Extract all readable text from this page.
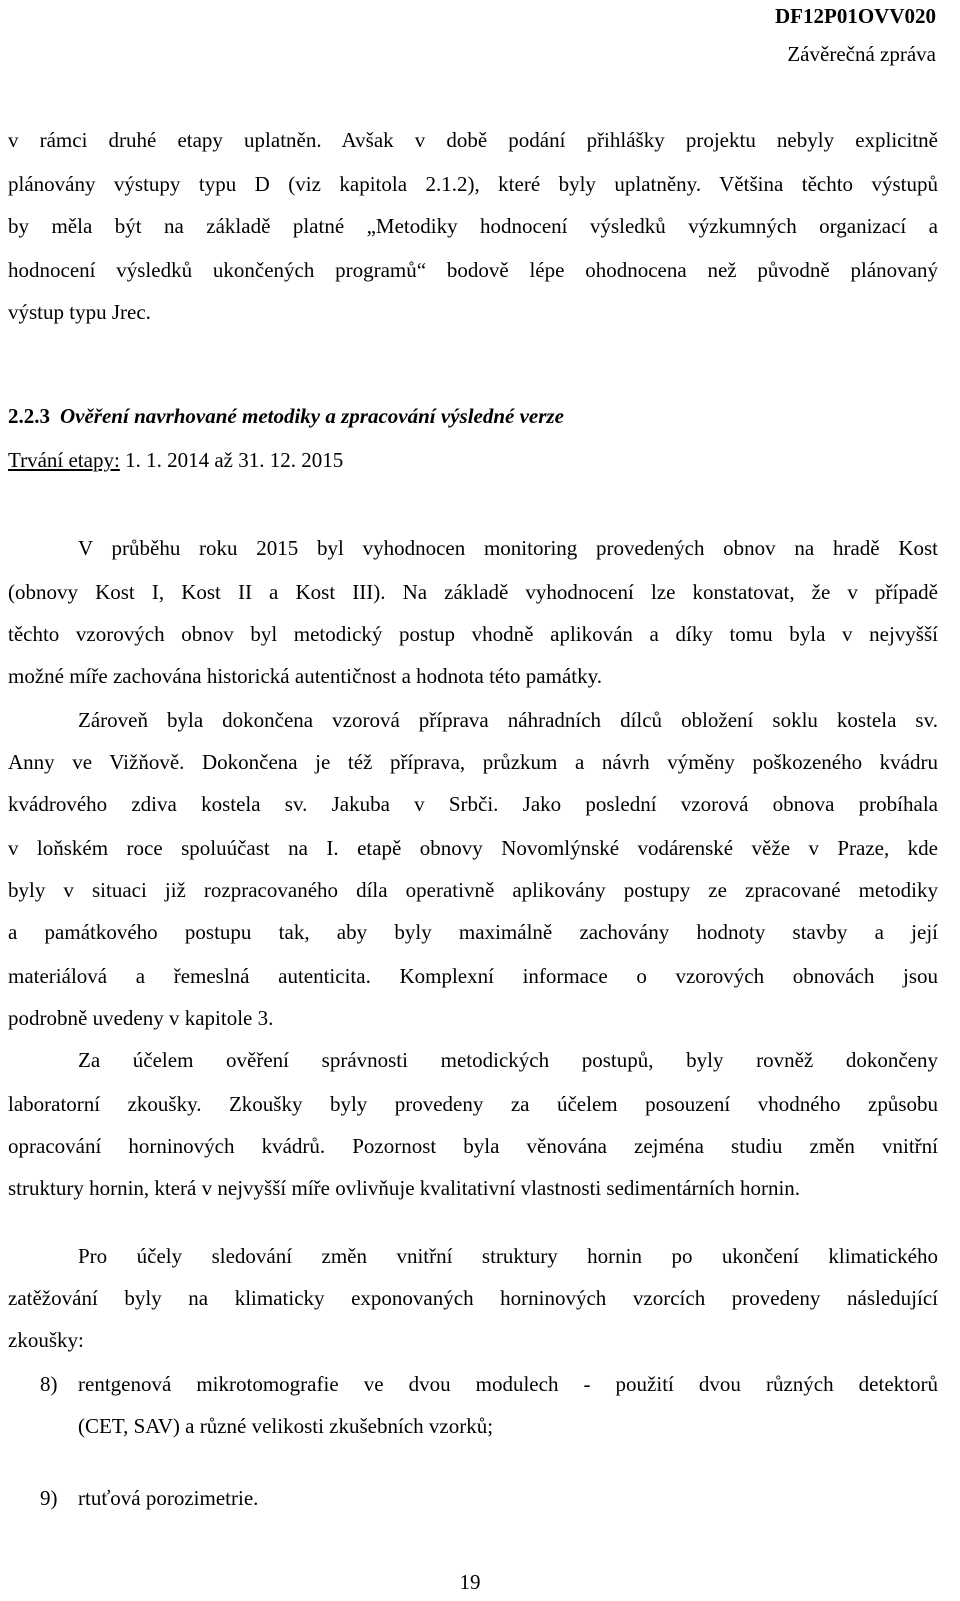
DF12P01OVV020
Závěrečná zpráva
v rámci druhé etapy uplatněn. Avšak v době podání přihlášky projektu nebyly explicitně
plánovány výstupy typu D (viz kapitola 2.1.2), které byly uplatněny. Většina těchto výstupů
by měla být na základě platné „Metodiky hodnocení výsledků výzkumných organizací a
hodnocení výsledků ukončených programů“ bodově lépe ohodnocena než původně plánovaný
výstup typu Jrec.
2.2.3 Ověření navrhované metodiky a zpracování výsledné verze
Trvání etapy: 1. 1. 2014 až 31. 12. 2015
V průběhu roku 2015 byl vyhodnocen monitoring provedených obnov na hradě Kost
(obnovy Kost I, Kost II a Kost III). Na základě vyhodnocení lze konstatovat, že v případě
těchto vzorových obnov byl metodický postup vhodně aplikován a díky tomu byla v nejvyšší
možné míře zachována historická autentičnost a hodnota této památky.
Zároveň byla dokončena vzorová příprava náhradních dílců obložení soklu kostela sv.
Anny ve Vižňově. Dokončena je též příprava, průzkum a návrh výměny poškozeného kvádru
kvádrového zdiva kostela sv. Jakuba v Srbči. Jako poslední vzorová obnova probíhala
v loňském roce spoluúčast na I. etapě obnovy Novomlýnské vodárenské věže v Praze, kde
byly v situaci již rozpracovaného díla operativně aplikovány postupy ze zpracované metodiky
a památkového postupu tak, aby byly maximálně zachovány hodnoty stavby a její
materiálová a řemeslná autenticita. Komplexní informace o vzorových obnovách jsou
podrobně uvedeny v kapitole 3.
Za účelem ověření správnosti metodických postupů, byly rovněž dokončeny
laboratorní zkoušky. Zkoušky byly provedeny za účelem posouzení vhodného způsobu
opracování horninových kvádrů. Pozornost byla věnována zejména studiu změn vnitřní
struktury hornin, která v nejvyšší míře ovlivňuje kvalitativní vlastnosti sedimentárních hornin.
Pro účely sledování změn vnitřní struktury hornin po ukončení klimatického
zatěžování byly na klimaticky exponovaných horninových vzorcích provedeny následující
zkoušky:
8) rentgenová mikrotomografie ve dvou modulech - použití dvou různých detektorů
(CET, SAV) a různé velikosti zkušebních vzorků;
9) rtuťová porozimetrie.
19
